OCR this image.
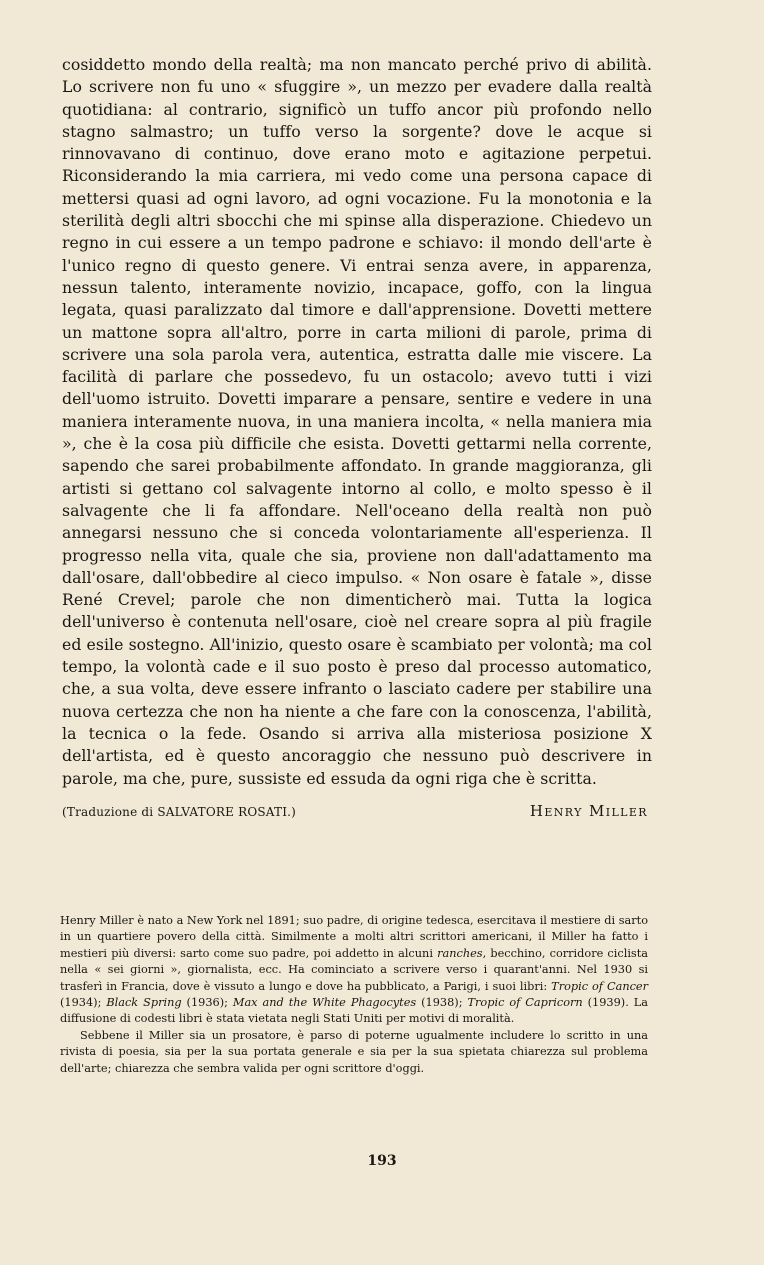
cosiddetto mondo della realtà; ma non mancato perché privo di abilità. Lo scrivere non fu uno « sfuggire », un mezzo per evadere dalla realtà quotidiana: al contrario, significò un tuffo ancor più profondo nello stagno salmastro; un tuffo verso la sorgente? dove le acque si rinnovavano di continuo, dove erano moto e agitazione perpetui. Riconsiderando la mia carriera, mi vedo come una persona capace di mettersi quasi ad ogni lavoro, ad ogni vocazione. Fu la monotonia e la sterilità degli altri sbocchi che mi spinse alla disperazione. Chiedevo un regno in cui essere a un tempo padrone e schiavo: il mondo dell'arte è l'unico regno di questo genere. Vi entrai senza avere, in apparenza, nessun talento, interamente novizio, incapace, goffo, con la lingua legata, quasi paralizzato dal timore e dall'apprensione. Dovetti mettere un mattone sopra all'altro, porre in carta milioni di parole, prima di scrivere una sola parola vera, autentica, estratta dalle mie viscere. La facilità di parlare che possedevo, fu un ostacolo; avevo tutti i vizi dell'uomo istruito. Dovetti imparare a pensare, sentire e vedere in una maniera interamente nuova, in una maniera incolta, « nella maniera mia », che è la cosa più difficile che esista. Dovetti gettarmi nella corrente, sapendo che sarei probabilmente affondato. In grande maggioranza, gli artisti si gettano col salvagente intorno al collo, e molto spesso è il salvagente che li fa affondare. Nell'oceano della realtà non può annegarsi nessuno che si conceda volontariamente all'esperienza. Il progresso nella vita, quale che sia, proviene non dall'adattamento ma dall'osare, dall'obbedire al cieco impulso. « Non osare è fatale », disse René Crevel; parole che non dimenticherò mai. Tutta la logica dell'universo è contenuta nell'osare, cioè nel creare sopra al più fragile ed esile sostegno. All'inizio, questo osare è scambiato per volontà; ma col tempo, la volontà cade e il suo posto è preso dal processo automatico, che, a sua volta, deve essere infranto o lasciato cadere per stabilire una nuova certezza che non ha niente a che fare con la conoscenza, l'abilità, la tecnica o la fede. Osando si arriva alla misteriosa posizione X dell'artista, ed è questo ancoraggio che nessuno può descrivere in parole, ma che, pure, sussiste ed essuda da ogni riga che è scritta.

(Traduzione di SALVATORE ROSATI.)	Henry Miller

Henry Miller è nato a New York nel 1891; suo padre, di origine tedesca, esercitava il mestiere di sarto in un quartiere povero della città. Similmente a molti altri scrittori americani, il Miller ha fatto i mestieri più diversi: sarto come suo padre, poi addetto in alcuni ranches, becchino, corridore ciclista nella « sei giorni », giornalista, ecc. Ha cominciato a scrivere verso i quarant'anni. Nel 1930 si trasferì in Francia, dove è vissuto a lungo e dove ha pubblicato, a Parigi, i suoi libri: Tropic of Cancer (1934); Black Spring (1936); Max and the White Phagocytes (1938); Tropic of Capricorn (1939). La diffusione di codesti libri è stata vietata negli Stati Uniti per motivi di moralità.

Sebbene il Miller sia un prosatore, è parso di poterne ugualmente includere lo scritto in una rivista di poesia, sia per la sua portata generale e sia per la sua spietata chiarezza sul problema dell'arte; chiarezza che sembra valida per ogni scrittore d'oggi.

193
